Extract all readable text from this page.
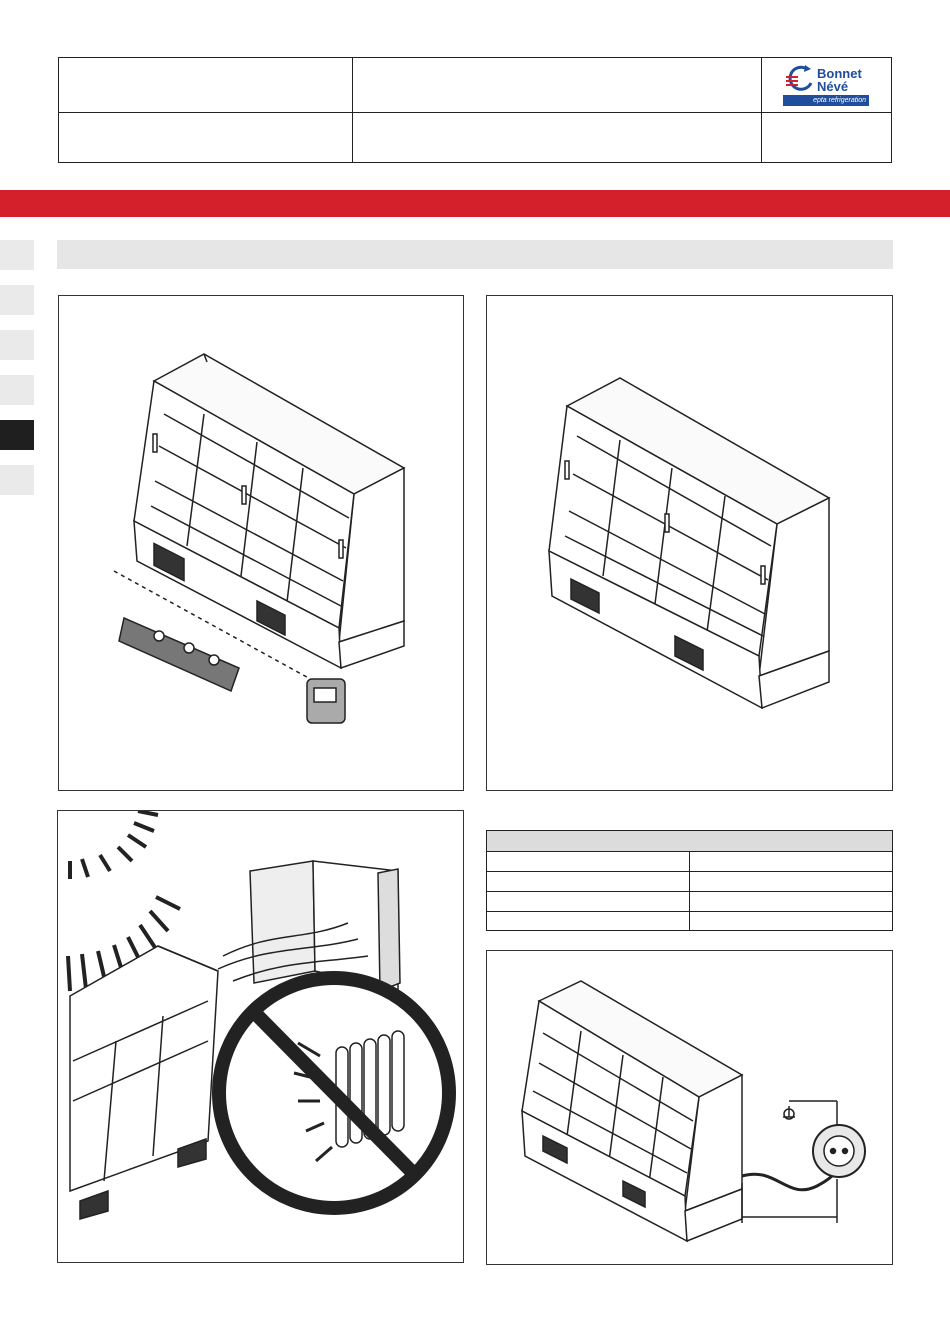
Bonnet
Névé
epta refrigeration
